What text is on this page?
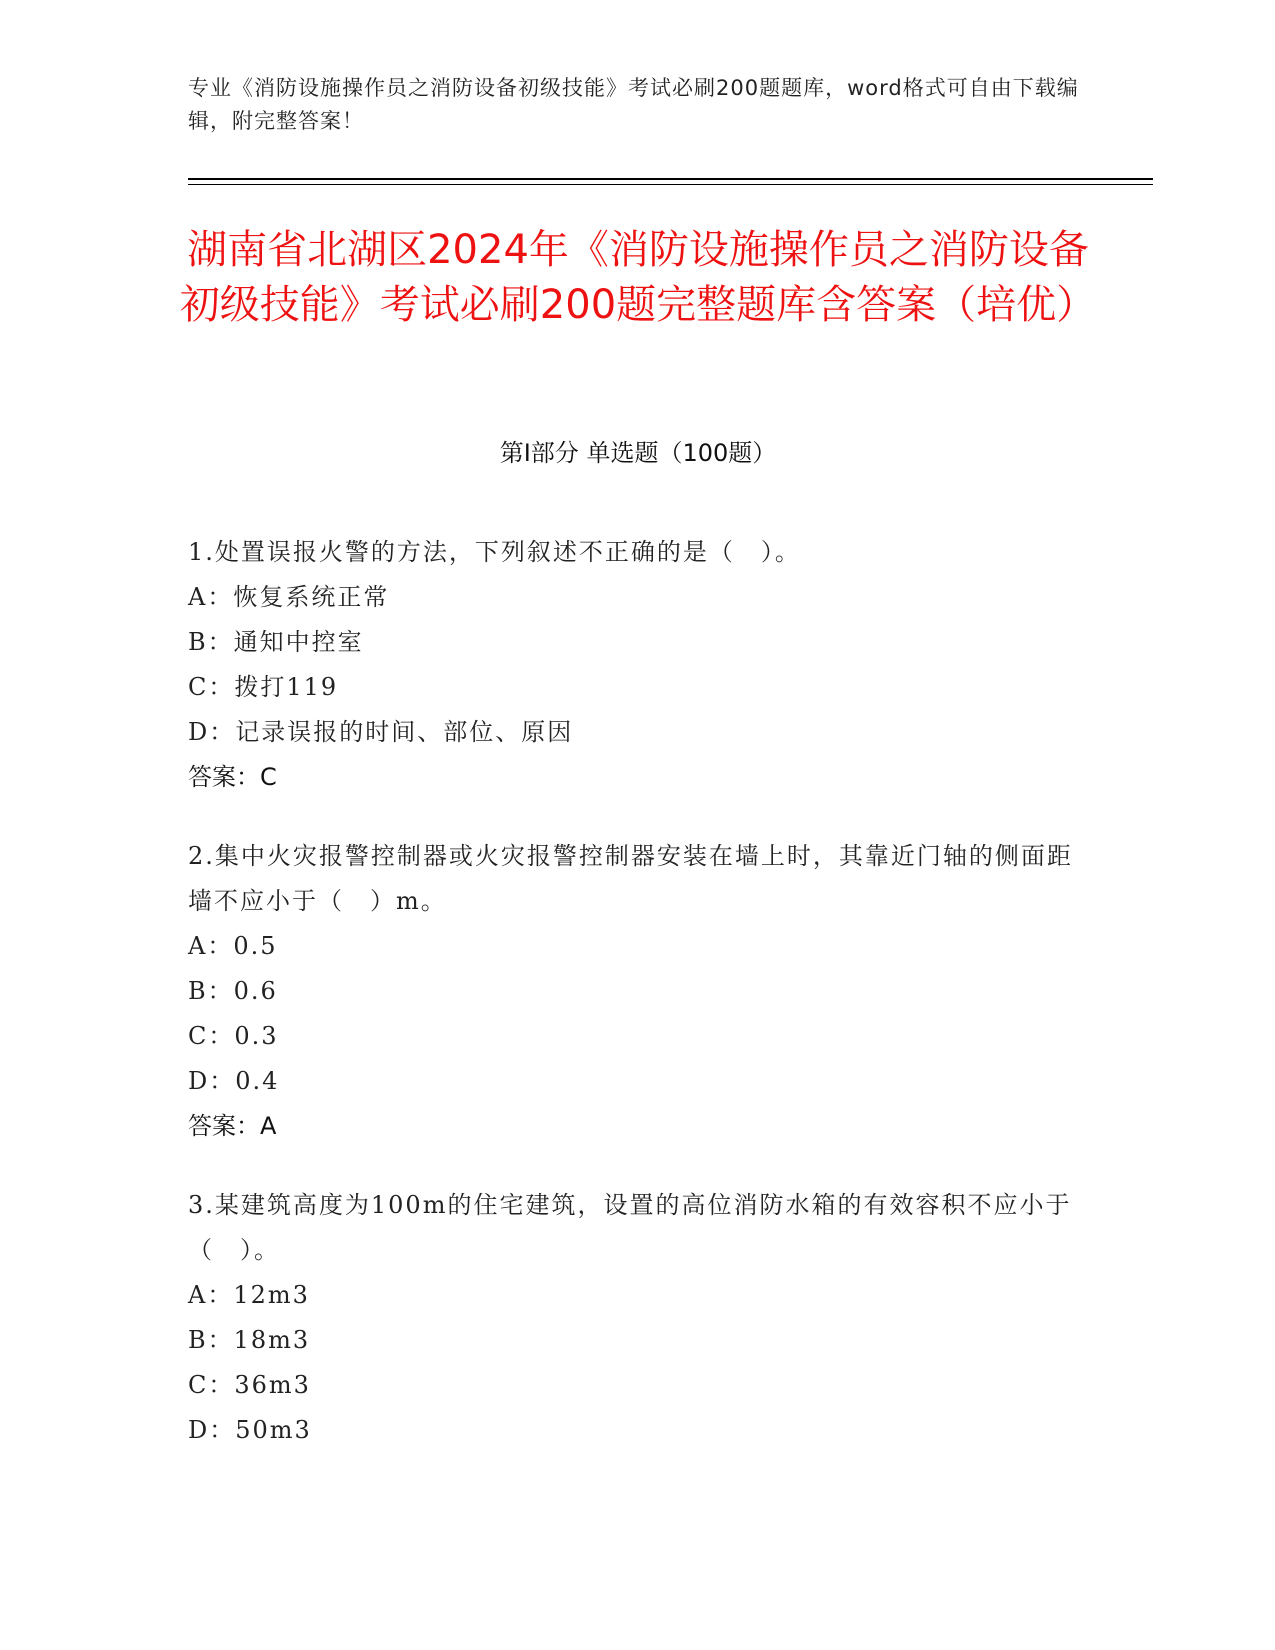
专业《消防设施操作员之消防设备初级技能》考试必刷200题题库，word格式可自由下载编辑，附完整答案！
湖南省北湖区2024年《消防设施操作员之消防设备初级技能》考试必刷200题完整题库含答案（培优）
第I部分 单选题（100题）
1.处置误报火警的方法，下列叙述不正确的是（　）。
A：恢复系统正常
B：通知中控室
C：拨打119
D：记录误报的时间、部位、原因
答案：C
2.集中火灾报警控制器或火灾报警控制器安装在墙上时，其靠近门轴的侧面距墙不应小于（　）m。
A：0.5
B：0.6
C：0.3
D：0.4
答案：A
3.某建筑高度为100m的住宅建筑，设置的高位消防水箱的有效容积不应小于（　）。
A：12m3
B：18m3
C：36m3
D：50m3
